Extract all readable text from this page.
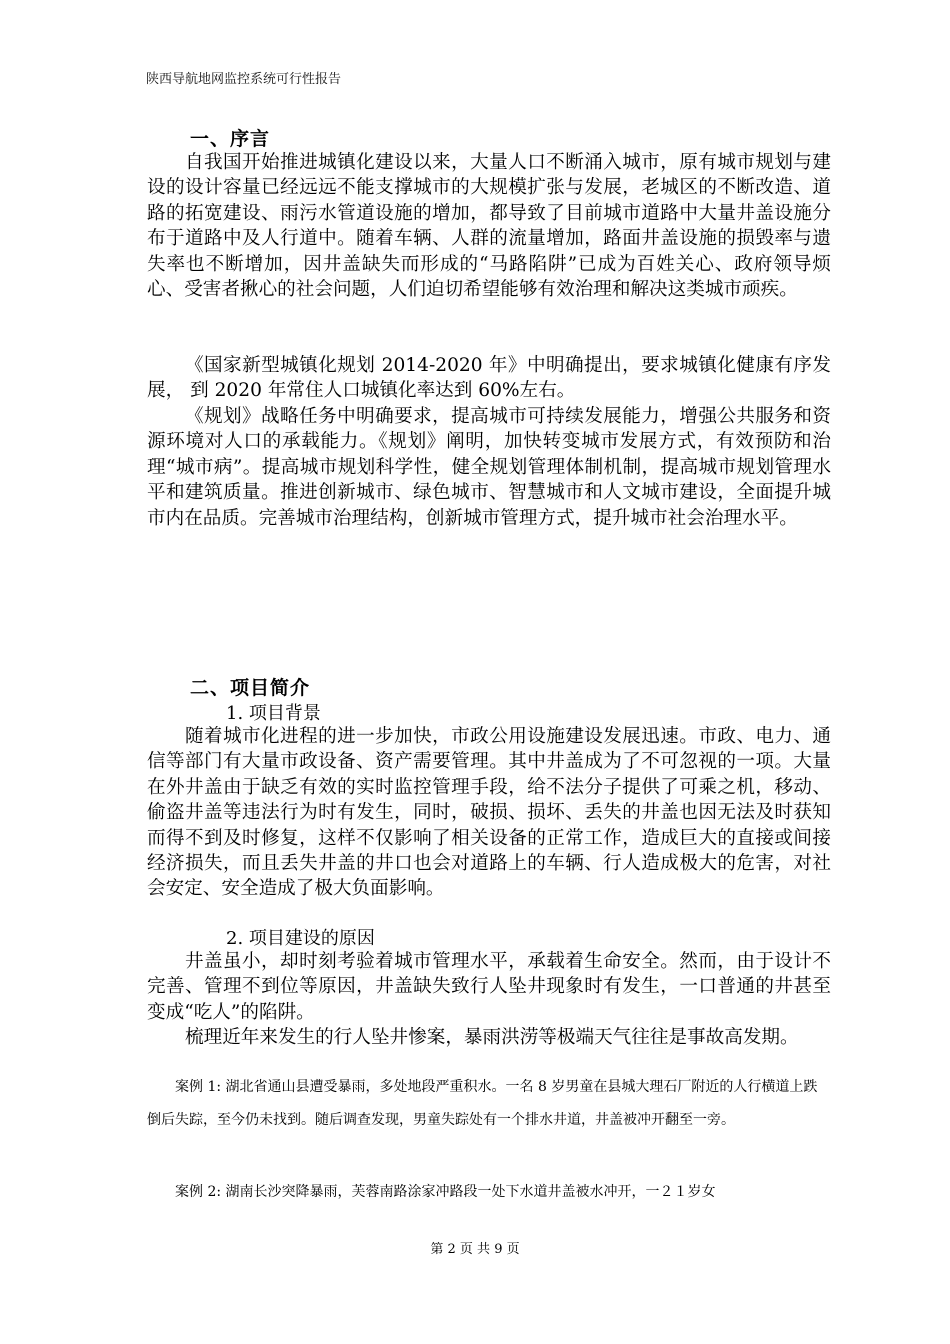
陕西导航地网监控系统可行性报告
一、序言

自我国开始推进城镇化建设以来，大量人口不断涌入城市，原有城市规划与建设的设计容量已经远远不能支撑城市的大规模扩张与发展，老城区的不断改造、道路的拓宽建设、雨污水管道设施的增加，都导致了目前城市道路中大量井盖设施分布于道路中及人行道中。随着车辆、人群的流量增加，路面井盖设施的损毁率与遗失率也不断增加，因井盖缺失而形成的“马路陷阱”已成为百姓关心、政府领导烦心、受害者揪心的社会问题，人们迫切希望能够有效治理和解决这类城市顽疾。

《国家新型城镇化规划 2014-2020 年》中明确提出，要求城镇化健康有序发展， 到 2020 年常住人口城镇化率达到 60%左右。

《规划》战略任务中明确要求，提高城市可持续发展能力，增强公共服务和资源环境对人口的承载能力。《规划》阐明，加快转变城市发展方式，有效预防和治理“城市病”。提高城市规划科学性，健全规划管理体制机制，提高城市规划管理水平和建筑质量。推进创新城市、绿色城市、智慧城市和人文城市建设，全面提升城市内在品质。完善城市治理结构，创新城市管理方式，提升城市社会治理水平。

二、项目简介
1. 项目背景

随着城市化进程的进一步加快，市政公用设施建设发展迅速。市政、电力、通信等部门有大量市政设备、资产需要管理。其中井盖成为了不可忽视的一项。大量在外井盖由于缺乏有效的实时监控管理手段，给不法分子提供了可乘之机，移动、偷盗井盖等违法行为时有发生，同时，破损、损坏、丢失的井盖也因无法及时获知而得不到及时修复，这样不仅影响了相关设备的正常工作，造成巨大的直接或间接经济损失，而且丢失井盖的井口也会对道路上的车辆、行人造成极大的危害，对社会安定、安全造成了极大负面影响。

2. 项目建设的原因

井盖虽小，却时刻考验着城市管理水平，承载着生命安全。然而，由于设计不完善、管理不到位等原因，井盖缺失致行人坠井现象时有发生，一口普通的井甚至变成“吃人”的陷阱。

梳理近年来发生的行人坠井惨案，暴雨洪涝等极端天气往往是事故高发期。

案例 1: 湖北省通山县遭受暴雨，多处地段严重积水。一名 8 岁男童在县城大理石厂附近的人行横道上跌倒后失踪，至今仍未找到。随后调查发现，男童失踪处有一个排水井道，井盖被冲开翻至一旁。

案例 2: 湖南长沙突降暴雨，芙蓉南路涂家冲路段一处下水道井盖被水冲开，一２１岁女

第 2 页 共 9 页
